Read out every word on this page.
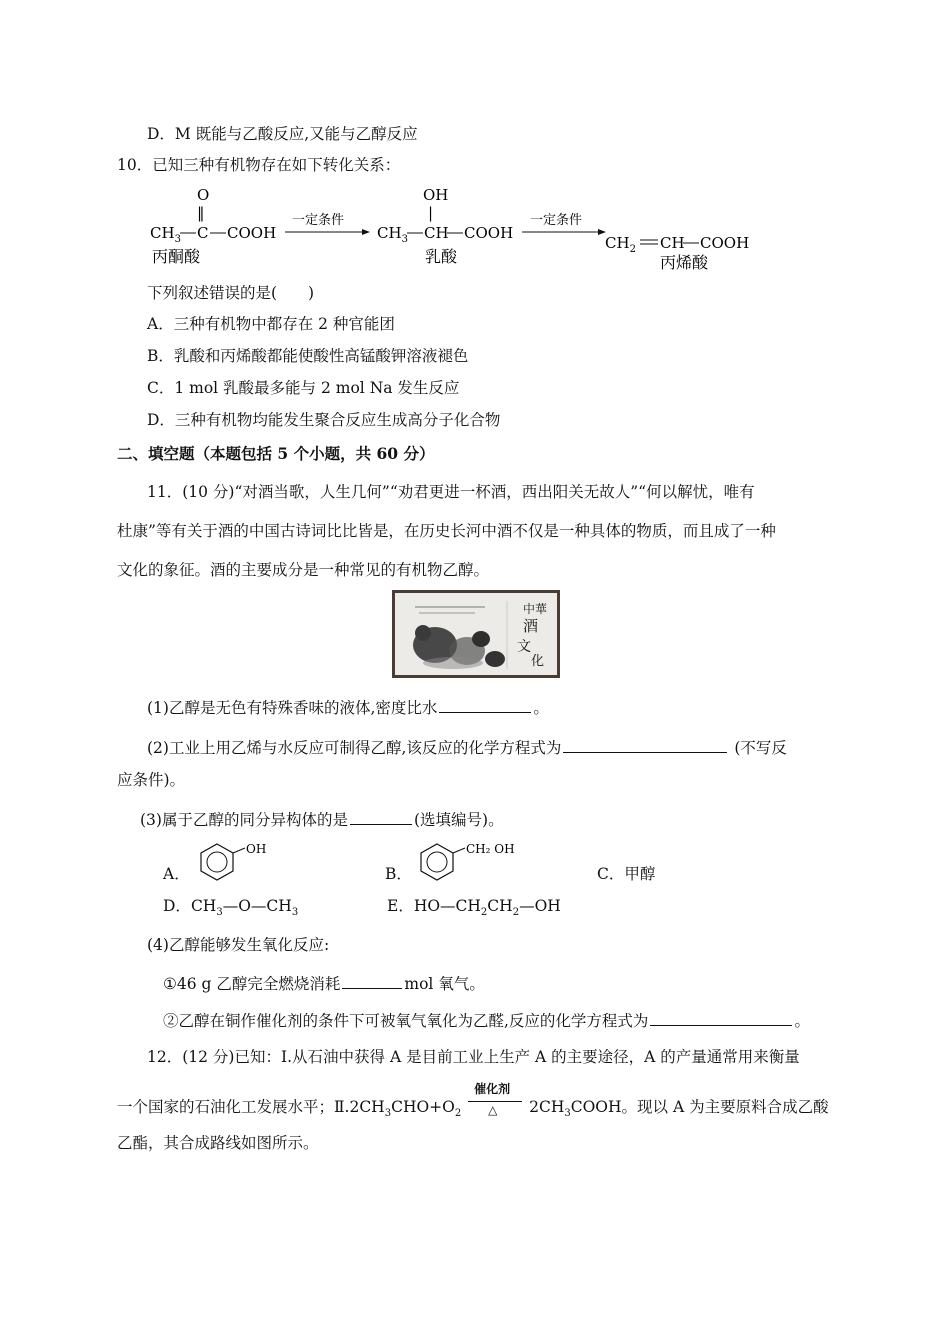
D．M 既能与乙酸反应,又能与乙醇反应
10．已知三种有机物存在如下转化关系：
O
‖
$CH_3$ C COOH
丙酮酸
一定条件
OH
|
$CH_3$ CH COOH
乳酸
一定条件
$CH_2$ CH COOH
丙烯酸
下列叙述错误的是(　　)
A．三种有机物中都存在 2 种官能团
B．乳酸和丙烯酸都能使酸性高锰酸钾溶液褪色
C．1 mol 乳酸最多能与 2 mol Na 发生反应
D．三种有机物均能发生聚合反应生成高分子化合物
二、填空题（本题包括 5 个小题，共 60 分）
11．(10 分)“对酒当歌，人生几何”“劝君更进一杯酒，西出阳关无故人”“何以解忧，唯有
杜康”等有关于酒的中国古诗词比比皆是，在历史长河中酒不仅是一种具体的物质，而且成了一种
文化的象征。酒的主要成分是一种常见的有机物乙醇。
中華
酒
文
化
(1)乙醇是无色有特殊香味的液体,密度比水	。
(2)工业上用乙烯与水反应可制得乙醇,该反应的化学方程式为	(不写反
应条件)。
(3)属于乙醇的同分异构体的是	(选填编号)。
A．
OH
B．
CH₂ OH
C．甲醇
D．$CH_3—O—CH_3$	E．$HO—CH_2CH_2—OH$
(4)乙醇能够发生氧化反应:
①46 g 乙醇完全燃烧消耗	mol 氧气。
②乙醇在铜作催化剂的条件下可被氧气氧化为乙醛,反应的化学方程式为	。
12．(12 分)已知：Ⅰ.从石油中获得 A 是目前工业上生产 A 的主要途径，A 的产量通常用来衡量
一个国家的石油化工发展水平；$Ⅱ.2CH_3CHO+O_2$
催化剂
△ $2CH_3COOH$。现以 A 为主要原料合成乙酸
乙酯，其合成路线如图所示。
